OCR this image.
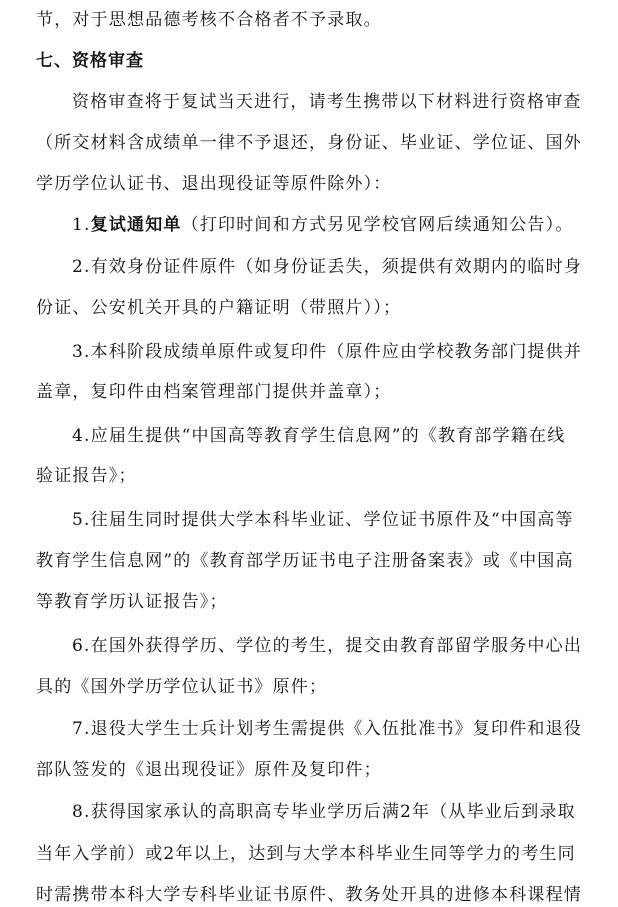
节，对于思想品德考核不合格者不予录取。
七、资格审查
资格审查将于复试当天进行，请考生携带以下材料进行资格审查
（所交材料含成绩单一律不予退还，身份证、毕业证、学位证、国外
学历学位认证书、退出现役证等原件除外）：
1.复试通知单（打印时间和方式另见学校官网后续通知公告）。
2.有效身份证件原件（如身份证丢失，须提供有效期内的临时身
份证、公安机关开具的户籍证明（带照片））；
3.本科阶段成绩单原件或复印件（原件应由学校教务部门提供并
盖章，复印件由档案管理部门提供并盖章）；
4.应届生提供“中国高等教育学生信息网”的《教育部学籍在线
验证报告》；
5.往届生同时提供大学本科毕业证、学位证书原件及“中国高等
教育学生信息网”的《教育部学历证书电子注册备案表》或《中国高
等教育学历认证报告》；
6.在国外获得学历、学位的考生，提交由教育部留学服务中心出
具的《国外学历学位认证书》原件；
7.退役大学生士兵计划考生需提供《入伍批准书》复印件和退役
部队签发的《退出现役证》原件及复印件；
8.获得国家承认的高职高专毕业学历后满2年（从毕业后到录取
当年入学前）或2年以上，达到与大学本科毕业生同等学力的考生同
时需携带本科大学专科毕业证书原件、教务处开具的进修本科课程情
